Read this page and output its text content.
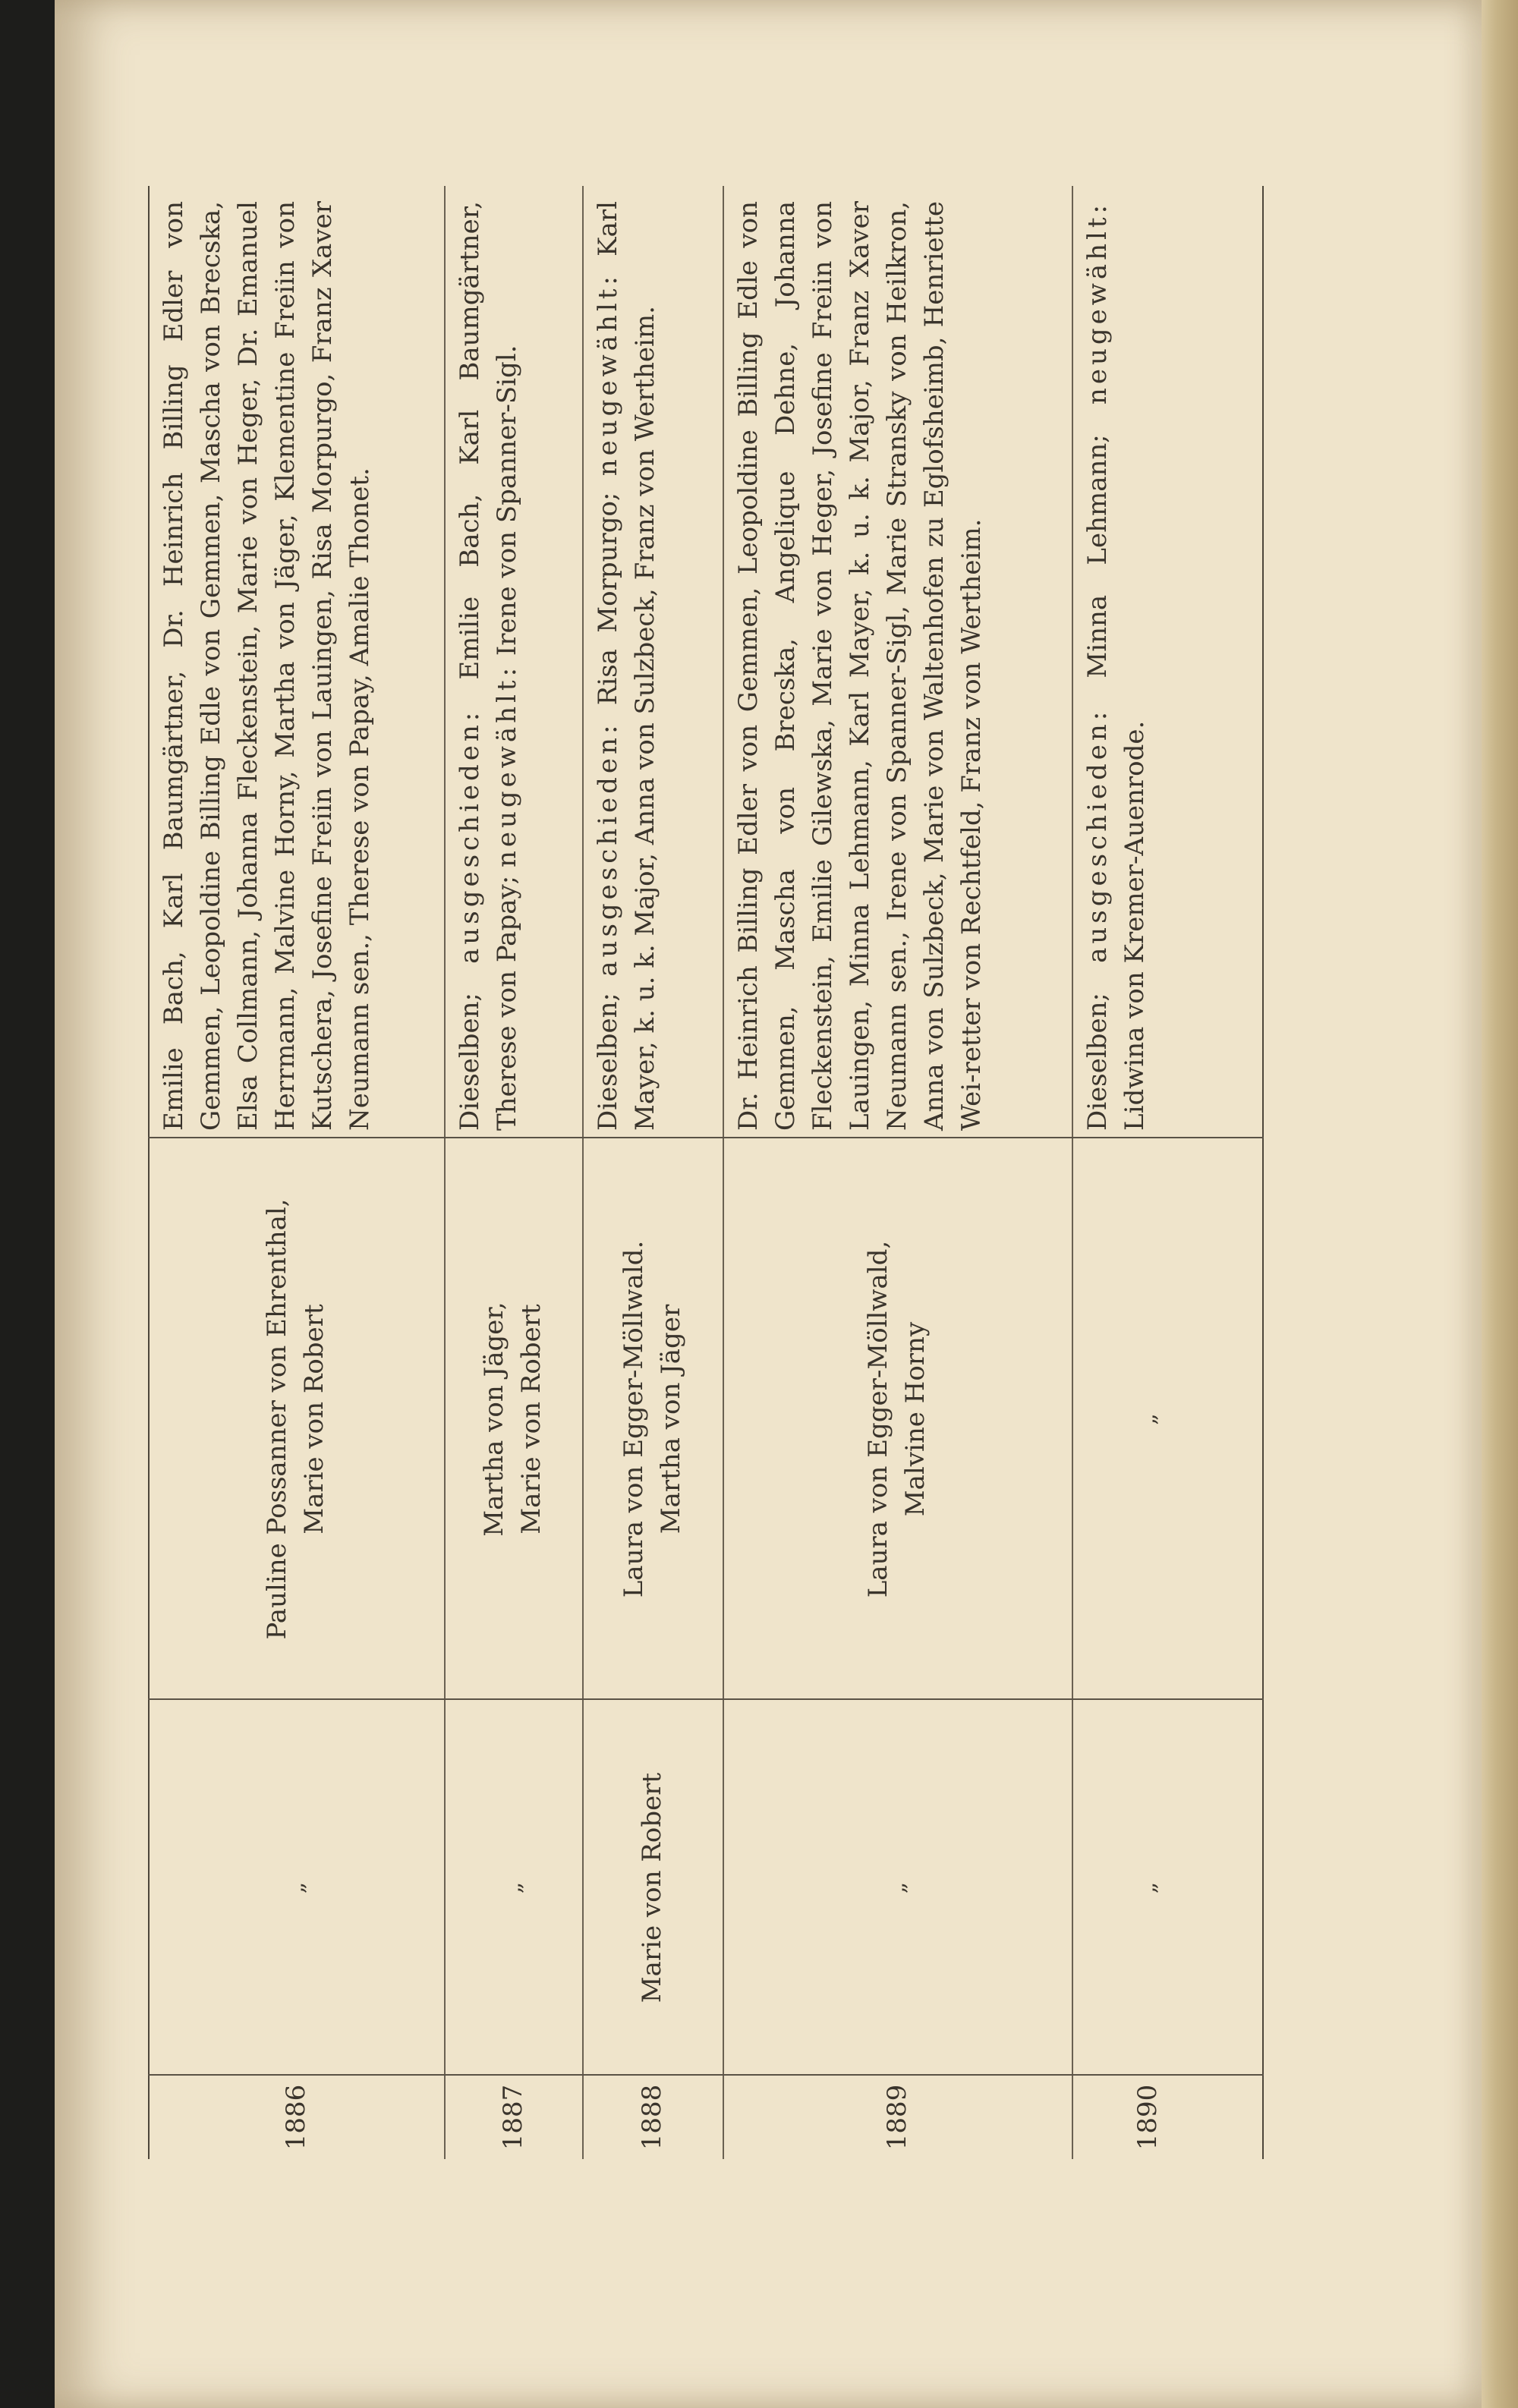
1886
„
Pauline Possanner von Ehrenthal, Marie von Robert
Emilie Bach, Karl Baumgärtner, Dr. Heinrich Billing Edler von Gemmen, Leopoldine Billing Edle von Gemmen, Mascha von Brecska, Elsa Collmann, Johanna Fleckenstein, Marie von Heger, Dr. Emanuel Herrmann, Malvine Horny, Martha von Jäger, Klementine Freiin von Kutschera, Josefine Freiin von Lauingen, Risa Morpurgo, Franz Xaver Neumann sen., Therese von Papay, Amalie Thonet.
1887
„
Martha von Jäger, Marie von Robert
Dieselben; ausgeschieden: Emilie Bach, Karl Baumgärtner, Therese von Papay; neugewählt: Irene von Spanner-Sigl.
1888
Marie von Robert
Laura von Egger-Möllwald. Martha von Jäger
Dieselben; ausgeschieden: Risa Morpurgo; neugewählt: Karl Mayer, k. u. k. Major, Anna von Sulzbeck, Franz von Wertheim.
1889
„
Laura von Egger-Möllwald, Malvine Horny
Dr. Heinrich Billing Edler von Gemmen, Leopoldine Billing Edle von Gemmen, Mascha von Brecska, Angelique Dehne, Johanna Fleckenstein, Emilie Gilewska, Marie von Heger, Josefine Freiin von Lauingen, Minna Lehmann, Karl Mayer, k. u. k. Major, Franz Xaver Neumann sen., Irene von Spanner-Sigl, Marie Stransky von Heilkron, Anna von Sulzbeck, Marie von Waltenhofen zu Eglofsheimb, Henriette Wei-retter von Rechtfeld, Franz von Wertheim.
1890
„
„
Dieselben; ausgeschieden: Minna Lehmann; neugewählt: Lidwina von Kremer-Auenrode.
